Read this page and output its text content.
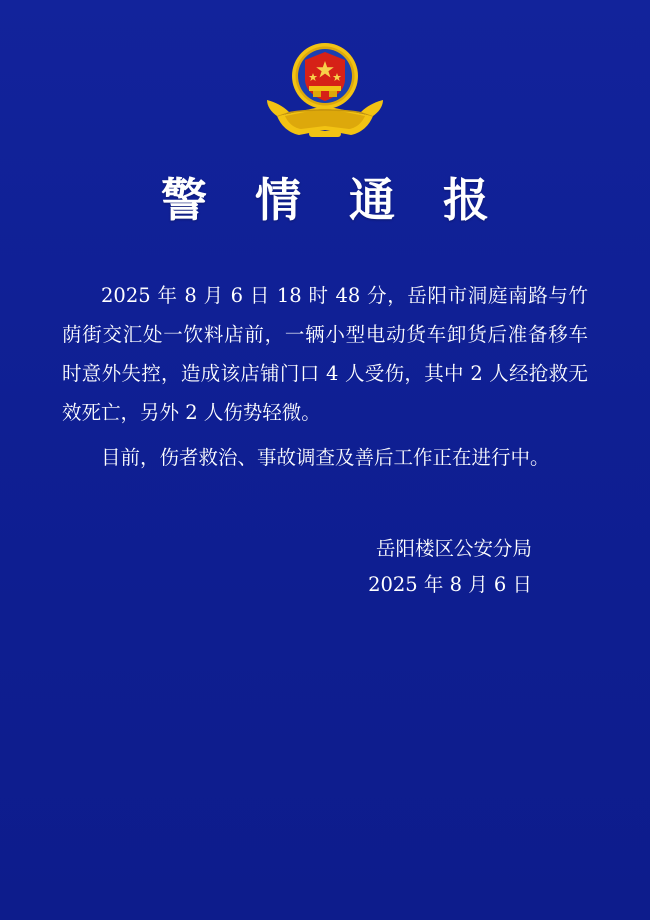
警 情 通 报

2025 年 8 月 6 日 18 时 48 分，岳阳市洞庭南路与竹荫街交汇处一饮料店前，一辆小型电动货车卸货后准备移车时意外失控，造成该店铺门口 4 人受伤，其中 2 人经抢救无效死亡，另外 2 人伤势轻微。

目前，伤者救治、事故调查及善后工作正在进行中。

岳阳楼区公安分局
2025 年 8 月 6 日
